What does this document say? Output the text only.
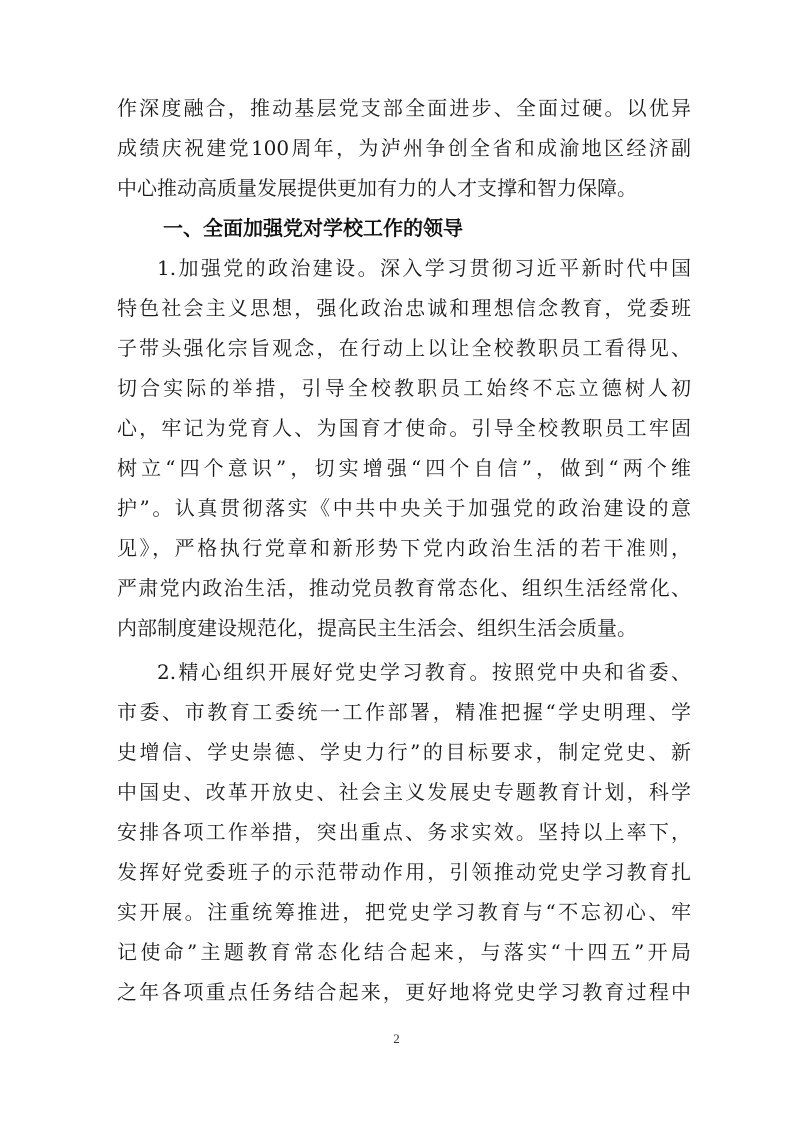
作深度融合，推动基层党支部全面进步、全面过硬。以优异
成绩庆祝建党100周年，为泸州争创全省和成渝地区经济副
中心推动高质量发展提供更加有力的人才支撑和智力保障。
一、全面加强党对学校工作的领导
1.加强党的政治建设。深入学习贯彻习近平新时代中国
特色社会主义思想，强化政治忠诚和理想信念教育，党委班
子带头强化宗旨观念，在行动上以让全校教职员工看得见、
切合实际的举措，引导全校教职员工始终不忘立德树人初
心，牢记为党育人、为国育才使命。引导全校教职员工牢固
树立“四个意识”，切实增强“四个自信”，做到“两个维
护”。认真贯彻落实《中共中央关于加强党的政治建设的意
见》，严格执行党章和新形势下党内政治生活的若干准则，
严肃党内政治生活，推动党员教育常态化、组织生活经常化、
内部制度建设规范化，提高民主生活会、组织生活会质量。
2.精心组织开展好党史学习教育。按照党中央和省委、
市委、市教育工委统一工作部署，精准把握“学史明理、学
史增信、学史崇德、学史力行”的目标要求，制定党史、新
中国史、改革开放史、社会主义发展史专题教育计划，科学
安排各项工作举措，突出重点、务求实效。坚持以上率下，
发挥好党委班子的示范带动作用，引领推动党史学习教育扎
实开展。注重统筹推进，把党史学习教育与“不忘初心、牢
记使命”主题教育常态化结合起来，与落实“十四五”开局
之年各项重点任务结合起来，更好地将党史学习教育过程中
2
